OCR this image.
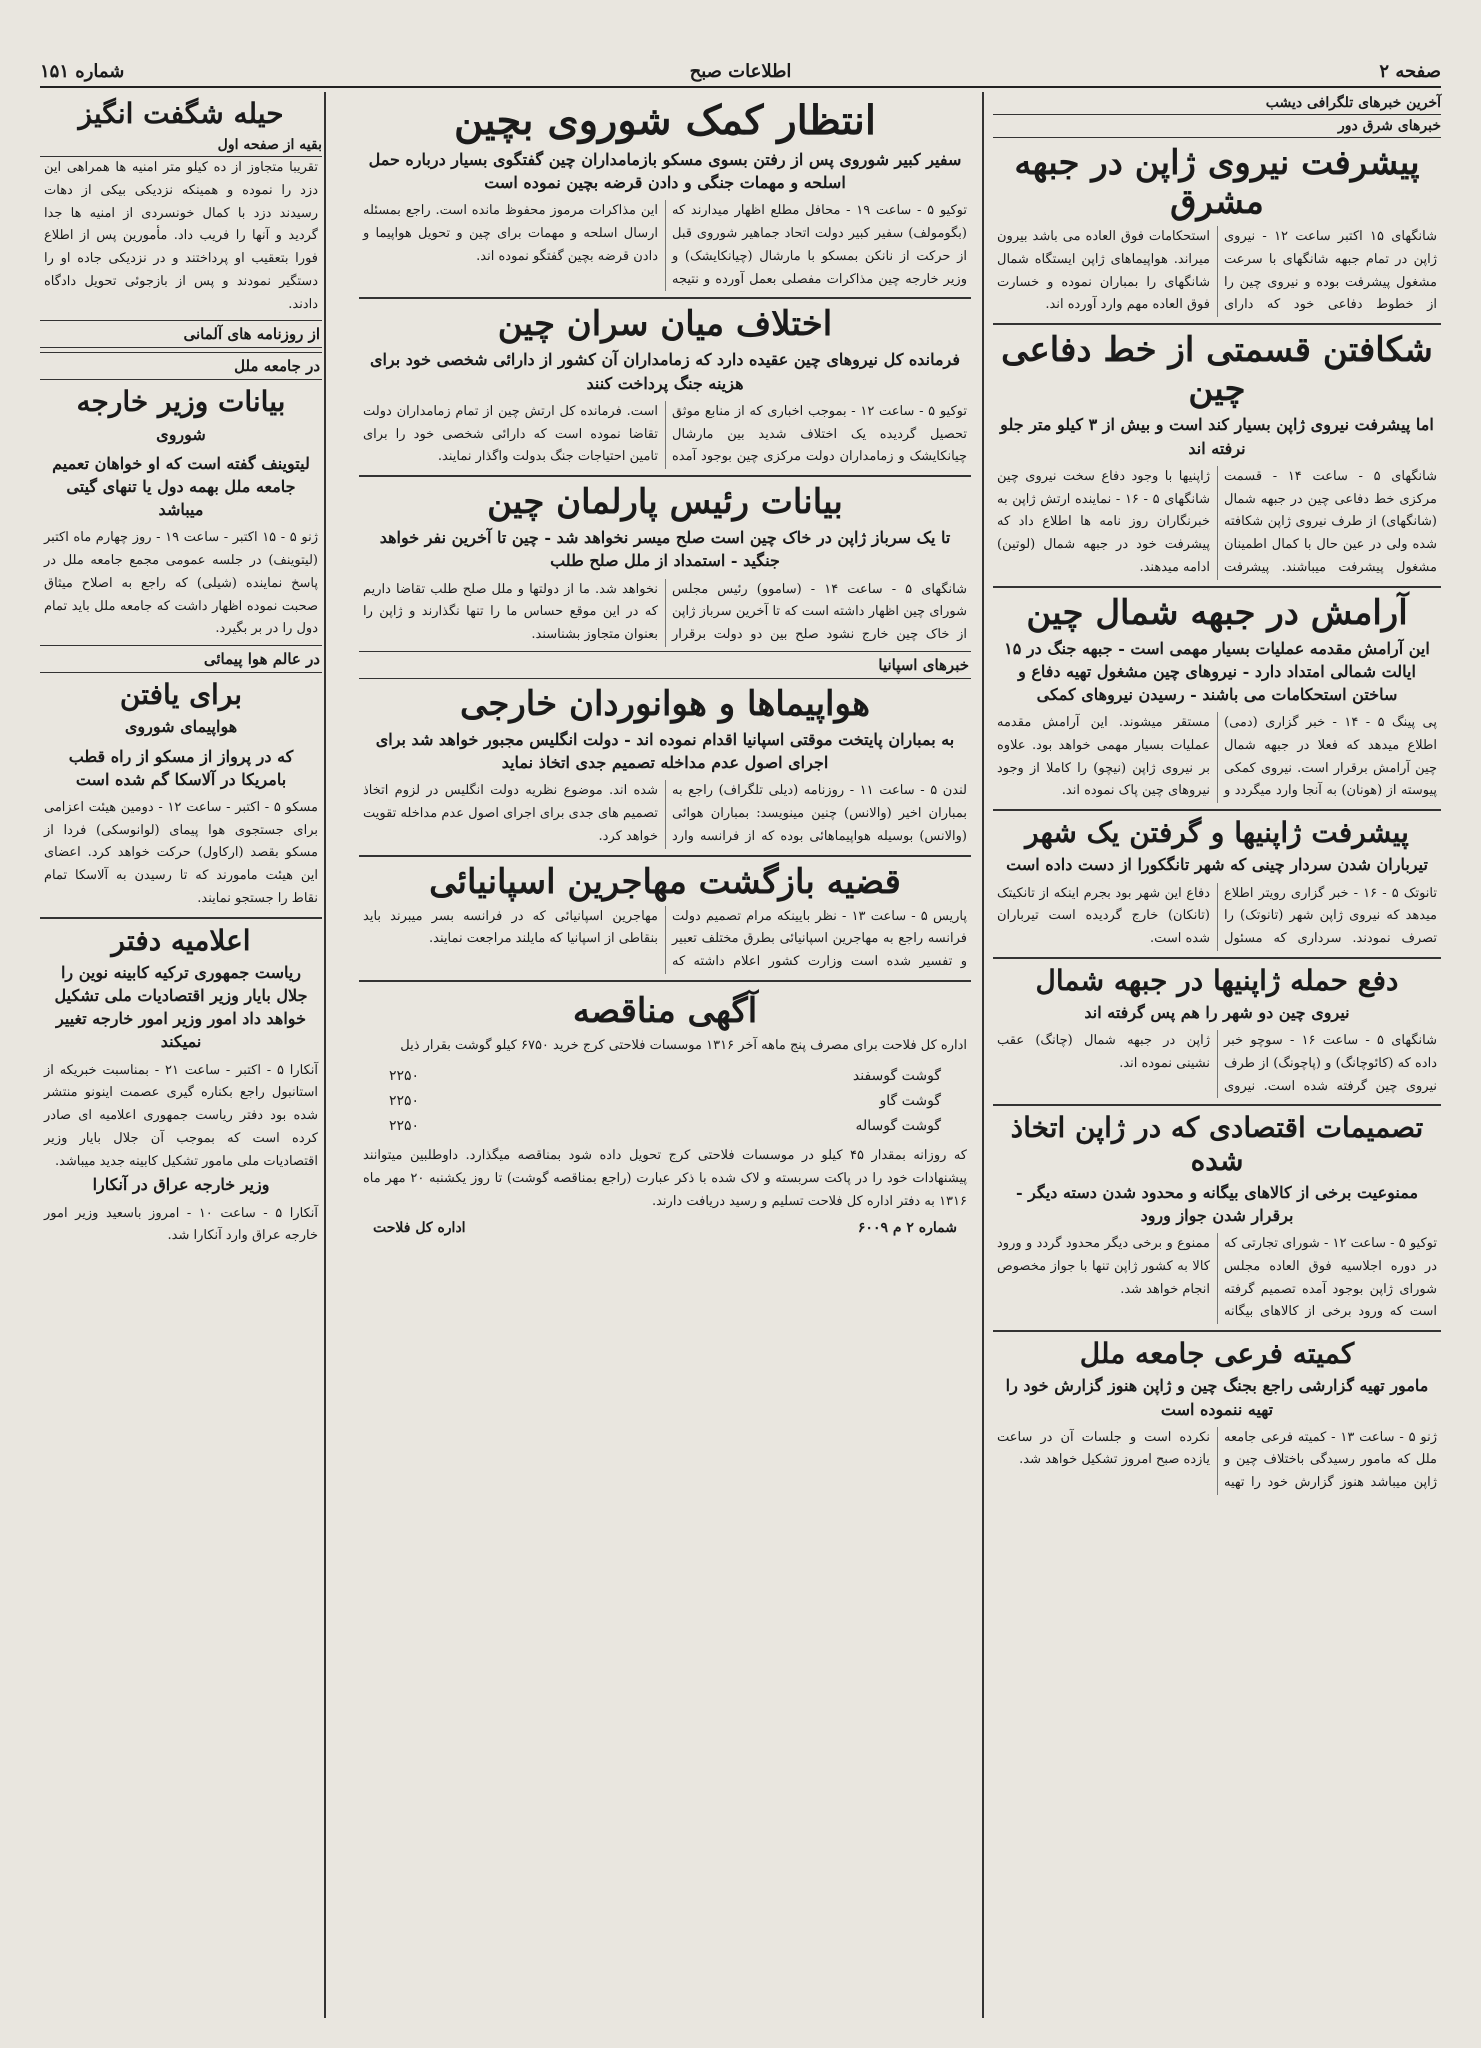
صفحه ۲
اطلاعات صبح
شماره ۱۵۱
آخرین خبرهای تلگرافی دیشب
خبرهای شرق دور
پیشرفت نیروی ژاپن در جبهه مشرق
شانگهای ۱۵ اکتبر ساعت ۱۲ - نیروی ژاپن در تمام جبهه شانگهای با سرعت مشغول پیشرفت بوده و نیروی چین را از خطوط دفاعی خود که دارای استحکامات فوق العاده می باشد بیرون میراند. هواپیماهای ژاپن ایستگاه شمال شانگهای را بمباران نموده و خسارت فوق العاده مهم وارد آورده اند.
شکافتن قسمتی از خط دفاعی چین
اما پیشرفت نیروی ژاپن بسیار کند است و بیش از ۳ کیلو متر جلو نرفته اند
شانگهای ۵ - ساعت ۱۴ - قسمت مرکزی خط دفاعی چین در جبهه شمال (شانگهای) از طرف نیروی ژاپن شکافته شده ولی در عین حال با کمال اطمینان مشغول پیشرفت میباشند. پیشرفت ژاپنیها با وجود دفاع سخت نیروی چین شانگهای ۵ - ۱۶ - نماینده ارتش ژاپن به خبرنگاران روز نامه ها اطلاع داد که پیشرفت خود در جبهه شمال (لوتین) ادامه میدهند.
آرامش در جبهه شمال چین
این آرامش مقدمه عملیات بسیار مهمی است - جبهه جنگ در ۱۵ ایالت شمالی امتداد دارد - نیروهای چین مشغول تهیه دفاع و ساختن استحکامات می باشند - رسیدن نیروهای کمکی
پی پینگ ۵ - ۱۴ - خبر گزاری (دمی) اطلاع میدهد که فعلا در جبهه شمال چین آرامش برقرار است. نیروی کمکی پیوسته از (هونان) به آنجا وارد میگردد و مستقر میشوند. این آرامش مقدمه عملیات بسیار مهمی خواهد بود. علاوه بر نیروی ژاپن (نیچو) را کاملا از وجود نیروهای چین پاک نموده اند.
پیشرفت ژاپنیها و گرفتن یک شهر
تیرباران شدن سردار چینی که شهر تانگکورا از دست داده است
تانوتک ۵ - ۱۶ - خبر گزاری رویتر اطلاع میدهد که نیروی ژاپن شهر (تانوتک) را تصرف نمودند. سرداری که مسئول دفاع این شهر بود بجرم اینکه از تانکیتک (تانکان) خارج گردیده است تیرباران شده است.
دفع حمله ژاپنیها در جبهه شمال
نیروی چین دو شهر را هم پس گرفته اند
شانگهای ۵ - ساعت ۱۶ - سوچو خبر داده که (کائوچانگ) و (پاچونگ) از طرف نیروی چین گرفته شده است. نیروی ژاپن در جبهه شمال (چانگ) عقب نشینی نموده اند.
تصمیمات اقتصادی که در ژاپن اتخاذ شده
ممنوعیت برخی از کالاهای بیگانه و محدود شدن دسته دیگر - برقرار شدن جواز ورود
توکیو ۵ - ساعت ۱۲ - شورای تجارتی که در دوره اجلاسیه فوق العاده مجلس شورای ژاپن بوجود آمده تصمیم گرفته است که ورود برخی از کالاهای بیگانه ممنوع و برخی دیگر محدود گردد و ورود کالا به کشور ژاپن تنها با جواز مخصوص انجام خواهد شد.
کمیته فرعی جامعه ملل
مامور تهیه گزارشی راجع بجنگ چین و ژاپن هنوز گزارش خود را تهیه ننموده است
ژنو ۵ - ساعت ۱۳ - کمیته فرعی جامعه ملل که مامور رسیدگی باختلاف چین و ژاپن میباشد هنوز گزارش خود را تهیه نکرده است و جلسات آن در ساعت یازده صبح امروز تشکیل خواهد شد.
انتظار کمک شوروی بچین
سفیر کبیر شوروی پس از رفتن بسوی مسکو بازمامداران چین گفتگوی بسیار درباره حمل اسلحه و مهمات جنگی و دادن قرضه بچین نموده است
توکیو ۵ - ساعت ۱۹ - محافل مطلع اظهار میدارند که (بگومولف) سفیر کبیر دولت اتحاد جماهیر شوروی قبل از حرکت از نانکن بمسکو با مارشال (چیانکایشک) و وزیر خارجه چین مذاکرات مفصلی بعمل آورده و نتیجه این مذاکرات مرموز محفوظ مانده است. راجع بمسئله ارسال اسلحه و مهمات برای چین و تحویل هواپیما و دادن قرضه بچین گفتگو نموده اند.
اختلاف میان سران چین
فرمانده کل نیروهای چین عقیده دارد که زمامداران آن کشور از دارائی شخصی خود برای هزینه جنگ پرداخت کنند
توکیو ۵ - ساعت ۱۲ - بموجب اخباری که از منابع موثق تحصیل گردیده یک اختلاف شدید بین مارشال چیانکایشک و زمامداران دولت مرکزی چین بوجود آمده است. فرمانده کل ارتش چین از تمام زمامداران دولت تقاضا نموده است که دارائی شخصی خود را برای تامین احتیاجات جنگ بدولت واگذار نمایند.
بیانات رئیس پارلمان چین
تا یک سرباز ژاپن در خاک چین است صلح میسر نخواهد شد - چین تا آخرین نفر خواهد جنگید - استمداد از ملل صلح طلب
شانگهای ۵ - ساعت ۱۴ - (ساموو) رئیس مجلس شورای چین اظهار داشته است که تا آخرین سرباز ژاپن از خاک چین خارج نشود صلح بین دو دولت برقرار نخواهد شد. ما از دولتها و ملل صلح طلب تقاضا داریم که در این موقع حساس ما را تنها نگذارند و ژاپن را بعنوان متجاوز بشناسند.
خبرهای اسپانیا
هواپیماها و هوانوردان خارجی
به بمباران پایتخت موقتی اسپانیا اقدام نموده اند - دولت انگلیس مجبور خواهد شد برای اجرای اصول عدم مداخله تصمیم جدی اتخاذ نماید
لندن ۵ - ساعت ۱۱ - روزنامه (دیلی تلگراف) راجع به بمباران اخیر (والانس) چنین مینویسد: بمباران هوائی (والانس) بوسیله هواپیماهائی بوده که از فرانسه وارد شده اند. موضوع نظریه دولت انگلیس در لزوم اتخاذ تصمیم های جدی برای اجرای اصول عدم مداخله تقویت خواهد کرد.
قضیه بازگشت مهاجرین اسپانیائی
پاریس ۵ - ساعت ۱۳ - نظر بایینکه مرام تصمیم دولت فرانسه راجع به مهاجرین اسپانیائی بطرق مختلف تعبیر و تفسیر شده است وزارت کشور اعلام داشته که مهاجرین اسپانیائی که در فرانسه بسر میبرند باید بنقاطی از اسپانیا که مایلند مراجعت نمایند.
آگهی مناقصه
اداره کل فلاحت برای مصرف پنج ماهه آخر ۱۳۱۶ موسسات فلاحتی کرج خرید ۶۷۵۰ کیلو گوشت بقرار ذیل
گوشت گوسفند
۲۲۵۰
گوشت گاو
۲۲۵۰
گوشت گوساله
۲۲۵۰
که روزانه بمقدار ۴۵ کیلو در موسسات فلاحتی کرج تحویل داده شود بمناقصه میگذارد. داوطلبین میتوانند پیشنهادات خود را در پاکت سربسته و لاک شده با ذکر عبارت (راجع بمناقصه گوشت) تا روز یکشنبه ۲۰ مهر ماه ۱۳۱۶ به دفتر اداره کل فلاحت تسلیم و رسید دریافت دارند.
شماره ۲ م ۶۰۰۹
اداره کل فلاحت
حیله شگفت انگیز
بقیه از صفحه اول
تقریبا متجاوز از ده کیلو متر امنیه ها همراهی این دزد را نموده و همینکه نزدیکی بیکی از دهات رسیدند دزد با کمال خونسردی از امنیه ها جدا گردید و آنها را فریب داد. مأمورین پس از اطلاع فورا بتعقیب او پرداختند و در نزدیکی جاده او را دستگیر نمودند و پس از بازجوئی تحویل دادگاه دادند.
از روزنامه های آلمانی
در جامعه ملل
بیانات وزیر خارجه
شوروی
لیتوینف گفته است که او خواهان تعمیم جامعه ملل بهمه دول یا تنهای گیتی میباشد
ژنو ۵ - ۱۵ اکتبر - ساعت ۱۹ - روز چهارم ماه اکتبر (لیتوینف) در جلسه عمومی مجمع جامعه ملل در پاسخ نماینده (شیلی) که راجع به اصلاح میثاق صحبت نموده اظهار داشت که جامعه ملل باید تمام دول را در بر بگیرد.
در عالم هوا پیمائی
برای یافتن
هواپیمای شوروی
که در پرواز از مسکو از راه قطب بامریکا در آلاسکا گم شده است
مسکو ۵ - اکتبر - ساعت ۱۲ - دومین هیئت اعزامی برای جستجوی هوا پیمای (لوانوسکی) فردا از مسکو بقصد (ارکاول) حرکت خواهد کرد. اعضای این هیئت مامورند که تا رسیدن به آلاسکا تمام نقاط را جستجو نمایند.
اعلامیه دفتر
ریاست جمهوری ترکیه کابینه نوین را جلال بایار وزیر اقتصادیات ملی تشکیل خواهد داد امور وزیر امور خارجه تغییر نمیکند
آنکارا ۵ - اکتبر - ساعت ۲۱ - بمناسبت خبریکه از استانبول راجع بکناره گیری عصمت اینونو منتشر شده بود دفتر ریاست جمهوری اعلامیه ای صادر کرده است که بموجب آن جلال بایار وزیر اقتصادیات ملی مامور تشکیل کابینه جدید میباشد.
وزیر خارجه عراق در آنکارا
آنکارا ۵ - ساعت ۱۰ - امروز باسعید وزیر امور خارجه عراق وارد آنکارا شد.
